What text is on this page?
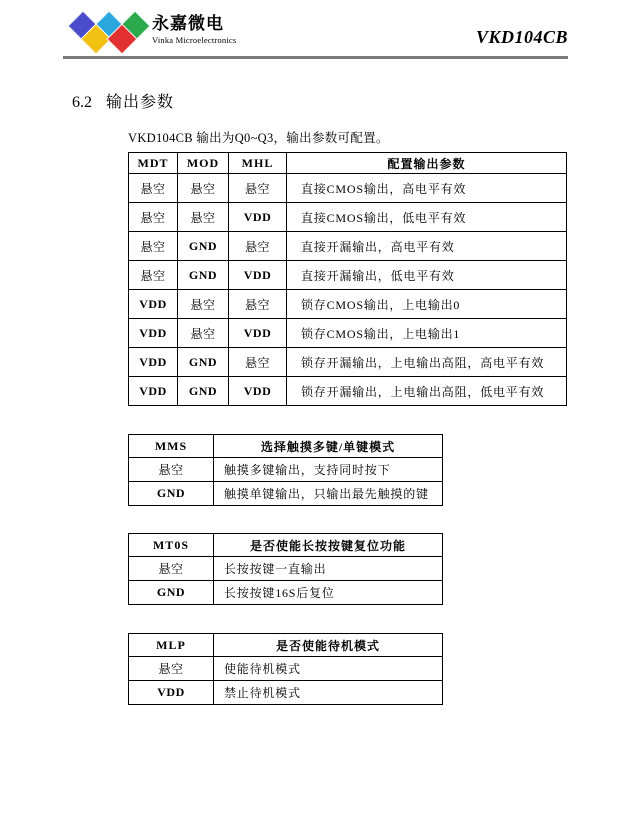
永嘉微电
Vinka Microelectronics	VKD104CB
6.2 输出参数
VKD104CB 输出为Q0~Q3，输出参数可配置。
MDT	MOD	MHL	配置输出参数
悬空	悬空	悬空	直接CMOS输出，高电平有效
悬空	悬空	VDD	直接CMOS输出，低电平有效
悬空	GND	悬空	直接开漏输出，高电平有效
悬空	GND	VDD	直接开漏输出，低电平有效
VDD	悬空	悬空	锁存CMOS输出，上电输出0
VDD	悬空	VDD	锁存CMOS输出，上电输出1
VDD	GND	悬空	锁存开漏输出，上电输出高阻，高电平有效
VDD	GND	VDD	锁存开漏输出，上电输出高阻，低电平有效
MMS	选择触摸多键/单键模式
悬空	触摸多键输出，支持同时按下
GND	触摸单键输出，只输出最先触摸的键
MT0S	是否使能长按按键复位功能
悬空	长按按键一直输出
GND	长按按键16S后复位
MLP	是否使能待机模式
悬空	使能待机模式
VDD	禁止待机模式
